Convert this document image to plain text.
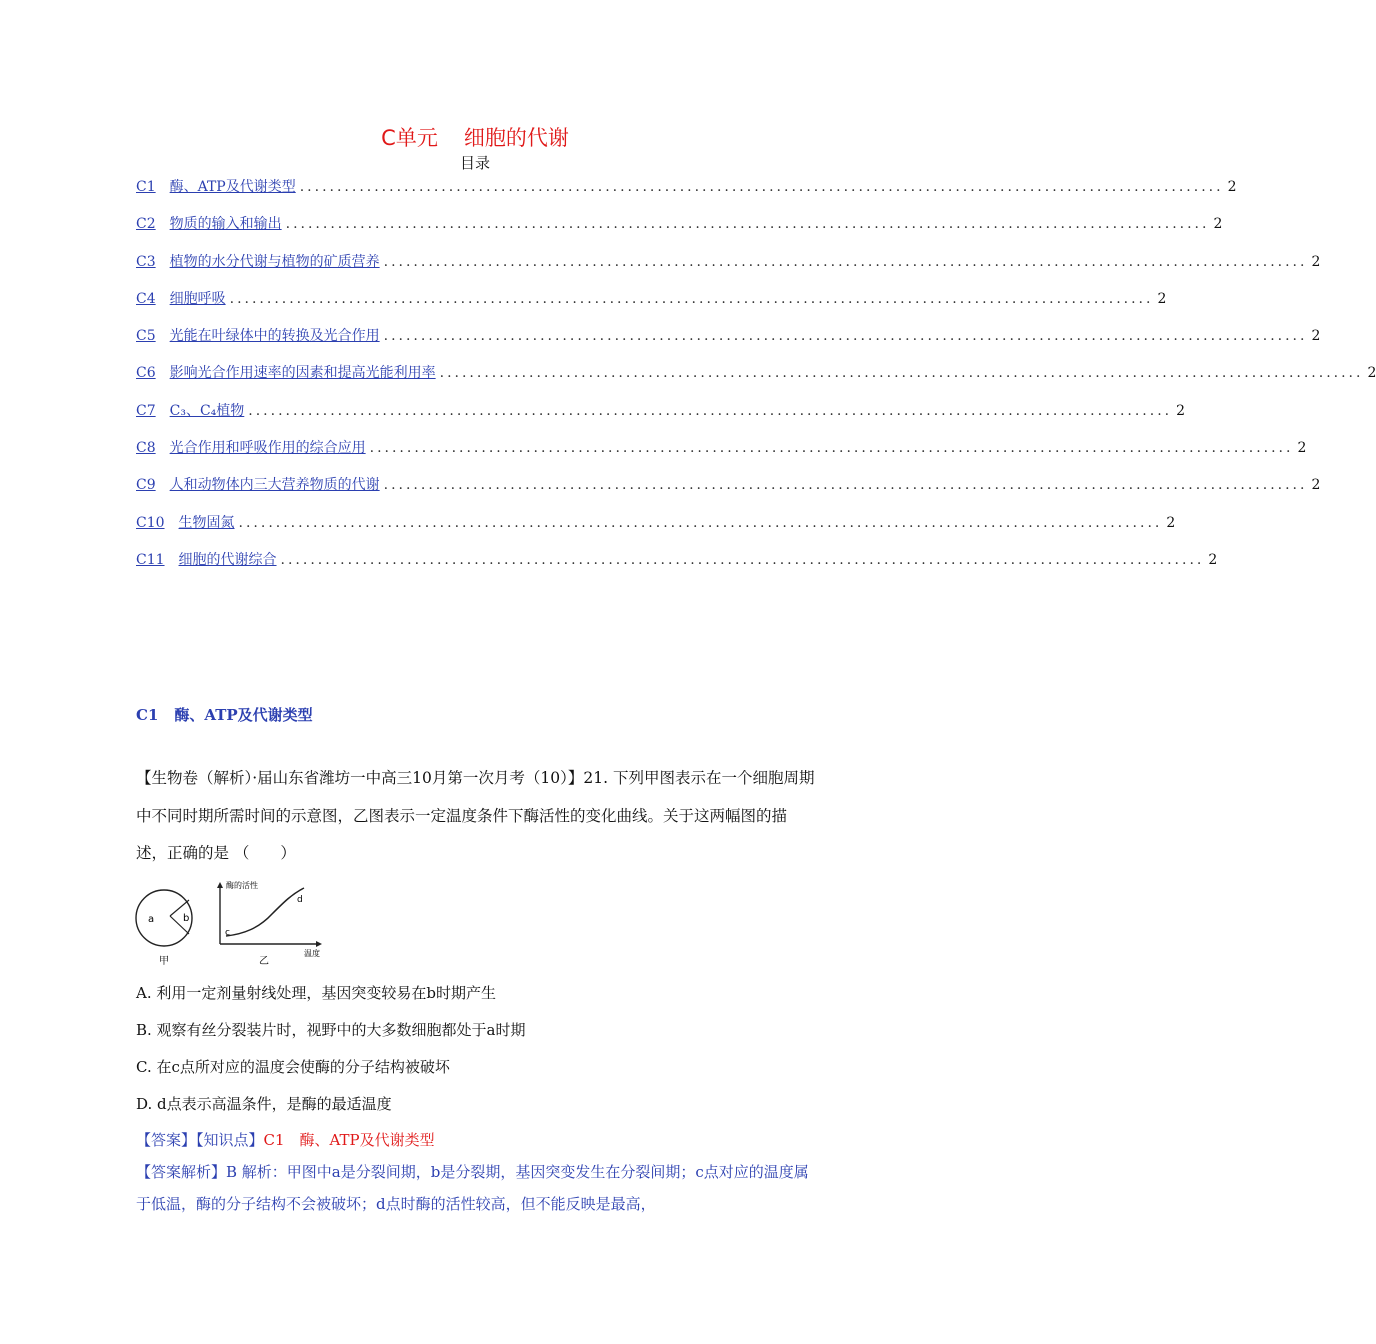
C单元 细胞的代谢
目录
C1 酶、ATP及代谢类型 ............................................................................................................................ 2
C2 物质的输入和输出 ............................................................................................................................ 2
C3 植物的水分代谢与植物的矿质营养 ............................................................................................................................ 2
C4 细胞呼吸 ............................................................................................................................ 2
C5 光能在叶绿体中的转换及光合作用 ............................................................................................................................ 2
C6 影响光合作用速率的因素和提高光能利用率 ............................................................................................................................ 2
C7 C₃、C₄植物 ............................................................................................................................ 2
C8 光合作用和呼吸作用的综合应用 ............................................................................................................................ 2
C9 人和动物体内三大营养物质的代谢 ............................................................................................................................ 2
C10 生物固氮 ............................................................................................................................ 2
C11 细胞的代谢综合 ............................................................................................................................ 2
C1 酶、ATP及代谢类型
【生物卷（解析）·届山东省潍坊一中高三10月第一次月考（10）】21. 下列甲图表示在一个细胞周期中不同时期所需时间的示意图，乙图表示一定温度条件下酶活性的变化曲线。关于这两幅图的描述，正确的是 （　　）
a	b
甲
酶的活性
c
d
温度
乙
A. 利用一定剂量射线处理，基因突变较易在b时期产生
B. 观察有丝分裂装片时，视野中的大多数细胞都处于a时期
C. 在c点所对应的温度会使酶的分子结构被破坏
D. d点表示高温条件，是酶的最适温度
【答案】【知识点】C1　酶、ATP及代谢类型
【答案解析】B 解析：甲图中a是分裂间期，b是分裂期，基因突变发生在分裂间期；c点对应的温度属于低温，酶的分子结构不会被破坏；d点时酶的活性较高，但不能反映是最高，
